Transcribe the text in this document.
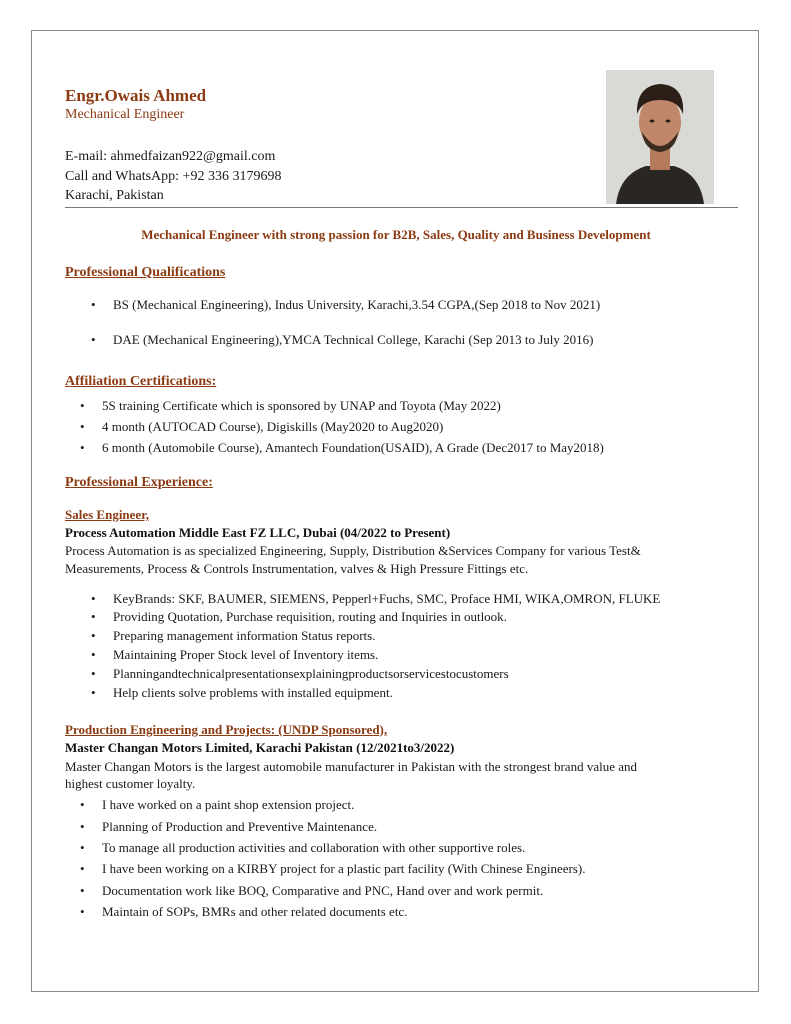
Engr.Owais Ahmed
Mechanical Engineer
E-mail: ahmedfaizan922@gmail.com
Call and WhatsApp: +92 336 3179698
Karachi, Pakistan
Mechanical Engineer with strong passion for B2B, Sales, Quality and Business Development
Professional Qualifications
• BS (Mechanical Engineering), Indus University, Karachi,3.54 CGPA,(Sep 2018 to Nov 2021)
• DAE (Mechanical Engineering),YMCA Technical College, Karachi (Sep 2013 to July 2016)
Affiliation Certifications:
• 5S training Certificate which is sponsored by UNAP and Toyota (May 2022)
• 4 month (AUTOCAD Course), Digiskills (May2020 to Aug2020)
• 6 month (Automobile Course), Amantech Foundation(USAID), A Grade (Dec2017 to May2018)
Professional Experience:
Sales Engineer,
Process Automation Middle East FZ LLC, Dubai (04/2022 to Present)
Process Automation is as specialized Engineering, Supply, Distribution &Services Company for various Test&
Measurements, Process & Controls Instrumentation, valves & High Pressure Fittings etc.
• KeyBrands: SKF, BAUMER, SIEMENS, Pepperl+Fuchs, SMC, Proface HMI, WIKA,OMRON, FLUKE
• Providing Quotation, Purchase requisition, routing and Inquiries in outlook.
• Preparing management information Status reports.
• Maintaining Proper Stock level of Inventory items.
• Planningandtechnicalpresentationsexplainingproductsorservicestocustomers
• Help clients solve problems with installed equipment.
Production Engineering and Projects: (UNDP Sponsored),
Master Changan Motors Limited, Karachi Pakistan (12/2021to3/2022)
Master Changan Motors is the largest automobile manufacturer in Pakistan with the strongest brand value and
highest customer loyalty.
• I have worked on a paint shop extension project.
• Planning of Production and Preventive Maintenance.
• To manage all production activities and collaboration with other supportive roles.
• I have been working on a KIRBY project for a plastic part facility (With Chinese Engineers).
• Documentation work like BOQ, Comparative and PNC, Hand over and work permit.
• Maintain of SOPs, BMRs and other related documents etc.
